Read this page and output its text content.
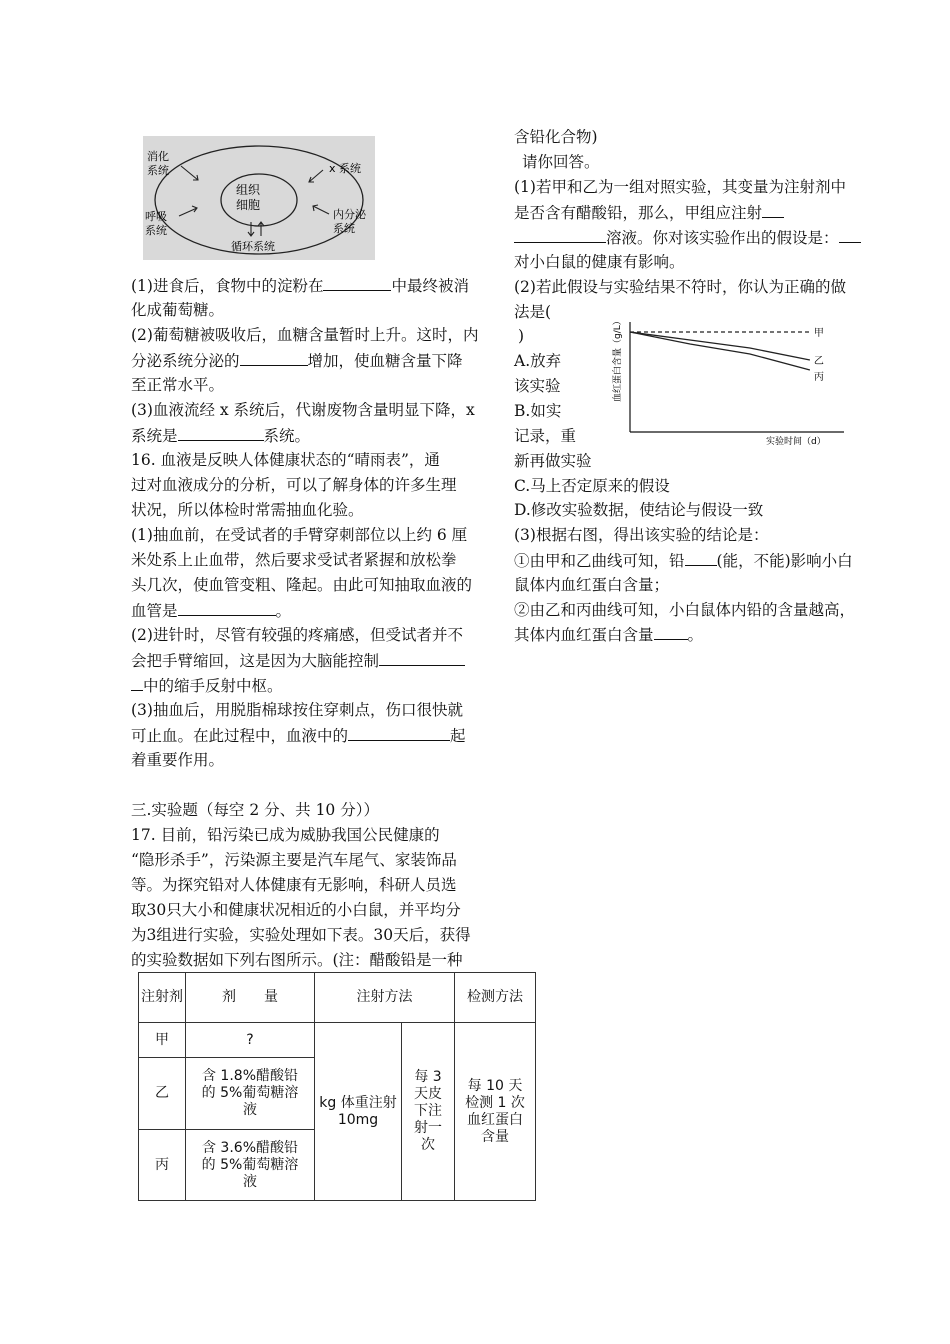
组织
细胞
消化
系统	x 系统
呼吸
系统
内分泌
系统
循环系统
(1)进食后，食物中的淀粉在	中最终被消
化成葡萄糖。
(2)葡萄糖被吸收后，血糖含量暂时上升。这时，内
分泌系统分泌的	增加，使血糖含量下降
至正常水平。
(3)血液流经 x 系统后，代谢废物含量明显下降，x
系统是	系统。
16. 血液是反映人体健康状态的“晴雨表”，通
过对血液成分的分析，可以了解身体的许多生理
状况，所以体检时常需抽血化验。
(1)抽血前，在受试者的手臂穿刺部位以上约 6 厘
米处系上止血带，然后要求受试者紧握和放松拳
头几次，使血管变粗、隆起。由此可知抽取血液的
血管是	。
(2)进针时，尽管有较强的疼痛感，但受试者并不
会把手臂缩回，这是因为大脑能控制
中的缩手反射中枢。
(3)抽血后，用脱脂棉球按住穿刺点，伤口很快就
可止血。在此过程中，血液中的	起
着重要作用。
三.实验题（每空 2 分、共 10 分））
17. 目前，铅污染已成为威胁我国公民健康的
“隐形杀手”，污染源主要是汽车尾气、家装饰品
等。为探究铅对人体健康有无影响，科研人员选
取30只大小和健康状况相近的小白鼠，并平均分
为3组进行实验，实验处理如下表。30天后，获得
的实验数据如下列右图所示。(注：醋酸铅是一种
含铅化合物)
请你回答。
(1)若甲和乙为一组对照实验，其变量为注射剂中
是否含有醋酸铅，那么，甲组应注射
溶液。你对该实验作出的假设是：
对小白鼠的健康有影响。
(2)若此假设与实验结果不符时，你认为正确的做
法是(
)
A.放弃
该实验
B.如实
记录，重
新再做实验
C.马上否定原来的假设
D.修改实验数据，使结论与假设一致
(3)根据右图，得出该实验的结论是：
①由甲和乙曲线可知，铅 (能，不能)影响小白
鼠体内血红蛋白含量；
②由乙和丙曲线可知，小白鼠体内铅的含量越高，
其体内血红蛋白含量 。
血红蛋白含量（g/L）
实验时间（d）
甲
乙
丙
注射剂	剂　　量	注射方法		检测方法
甲	?	kg 体重注射 10mg	每 3 天皮下注射一次	每 10 天检测 1 次血红蛋白含量

乙	含 1.8%醋酸铅的 5%葡萄糖溶液			

丙	含 3.6%醋酸铅的 5%葡萄糖溶液			
